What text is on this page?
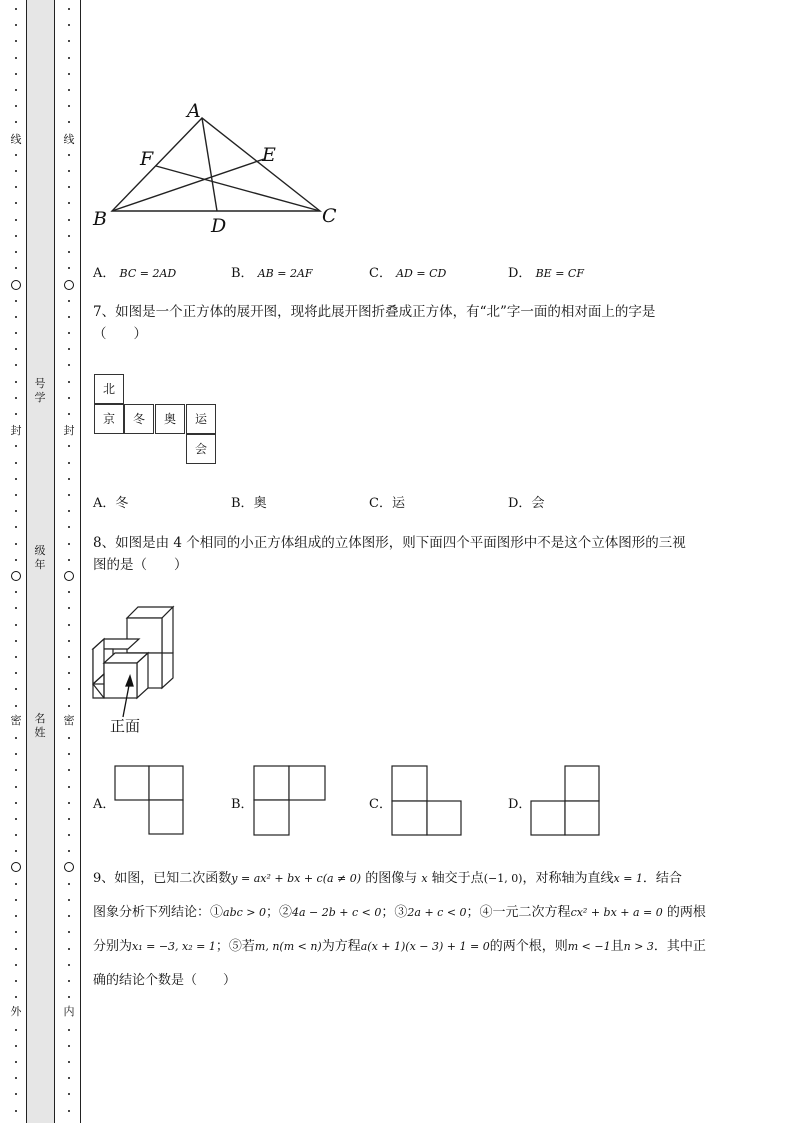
线
封
密
外
线
封
密
内
号
学
级
年
名
姓
A
B	C
D
E
F
A． BC = 2AD	B． AB = 2AF	C． AD = CD	D． BE = CF
7、如图是一个正方体的展开图，现将此展开图折叠成正方体，有“北”字一面的相对面上的字是
（　　）
北
京	冬	奥	运
会
A．冬	B．奥	C．运	D．会
8、如图是由 4 个相同的小正方体组成的立体图形，则下面四个平面图形中不是这个立体图形的三视
图的是（　　）
正面
A．	B．	C．	D．
9、如图，已知二次函数y = ax² + bx + c(a ≠ 0) 的图像与 x 轴交于点(−1, 0)，对称轴为直线x = 1．结合
图象分析下列结论：①abc > 0；②4a − 2b + c < 0；③2a + c < 0；④一元二次方程cx² + bx + a = 0 的两根
分别为x₁ = −3, x₂ = 1；⑤若m, n(m < n)为方程a(x + 1)(x − 3) + 1 = 0的两个根，则m < −1且n > 3．其中正
确的结论个数是（　　）
